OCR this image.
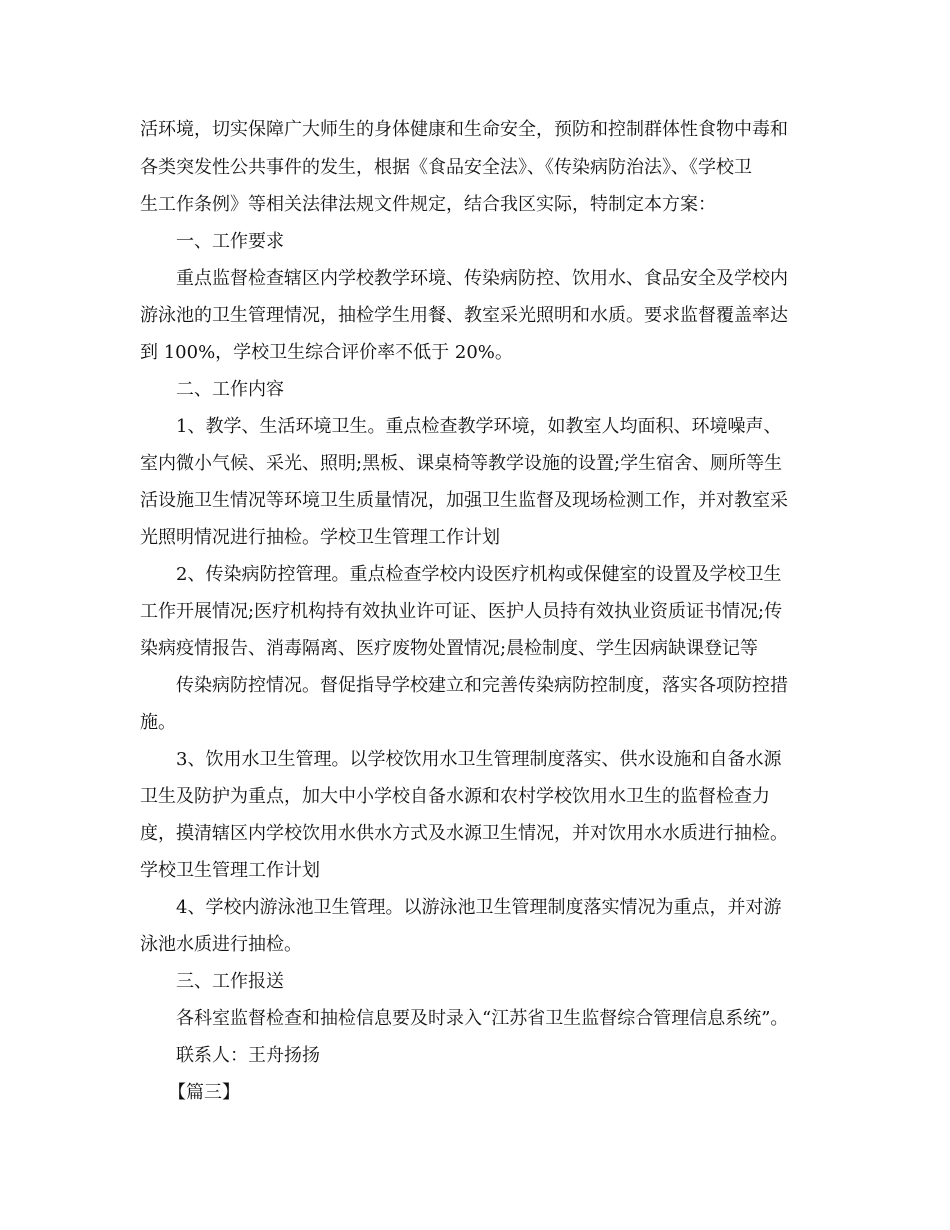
活环境，切实保障广大师生的身体健康和生命安全，预防和控制群体性食物中毒和
各类突发性公共事件的发生，根据《食品安全法》、《传染病防治法》、《学校卫
生工作条例》等相关法律法规文件规定，结合我区实际，特制定本方案：
一、工作要求
重点监督检查辖区内学校教学环境、传染病防控、饮用水、食品安全及学校内
游泳池的卫生管理情况，抽检学生用餐、教室采光照明和水质。要求监督覆盖率达
到 100%，学校卫生综合评价率不低于 20%。
二、工作内容
1、教学、生活环境卫生。重点检查教学环境，如教室人均面积、环境噪声、
室内微小气候、采光、照明;黑板、课桌椅等教学设施的设置;学生宿舍、厕所等生
活设施卫生情况等环境卫生质量情况，加强卫生监督及现场检测工作，并对教室采
光照明情况进行抽检。学校卫生管理工作计划
2、传染病防控管理。重点检查学校内设医疗机构或保健室的设置及学校卫生
工作开展情况;医疗机构持有效执业许可证、医护人员持有效执业资质证书情况;传
染病疫情报告、消毒隔离、医疗废物处置情况;晨检制度、学生因病缺课登记等
传染病防控情况。督促指导学校建立和完善传染病防控制度，落实各项防控措
施。
3、饮用水卫生管理。以学校饮用水卫生管理制度落实、供水设施和自备水源
卫生及防护为重点，加大中小学校自备水源和农村学校饮用水卫生的监督检查力
度，摸清辖区内学校饮用水供水方式及水源卫生情况，并对饮用水水质进行抽检。
学校卫生管理工作计划
4、学校内游泳池卫生管理。以游泳池卫生管理制度落实情况为重点，并对游
泳池水质进行抽检。
三、工作报送
各科室监督检查和抽检信息要及时录入“江苏省卫生监督综合管理信息系统”。
联系人：王舟扬扬
【篇三】
